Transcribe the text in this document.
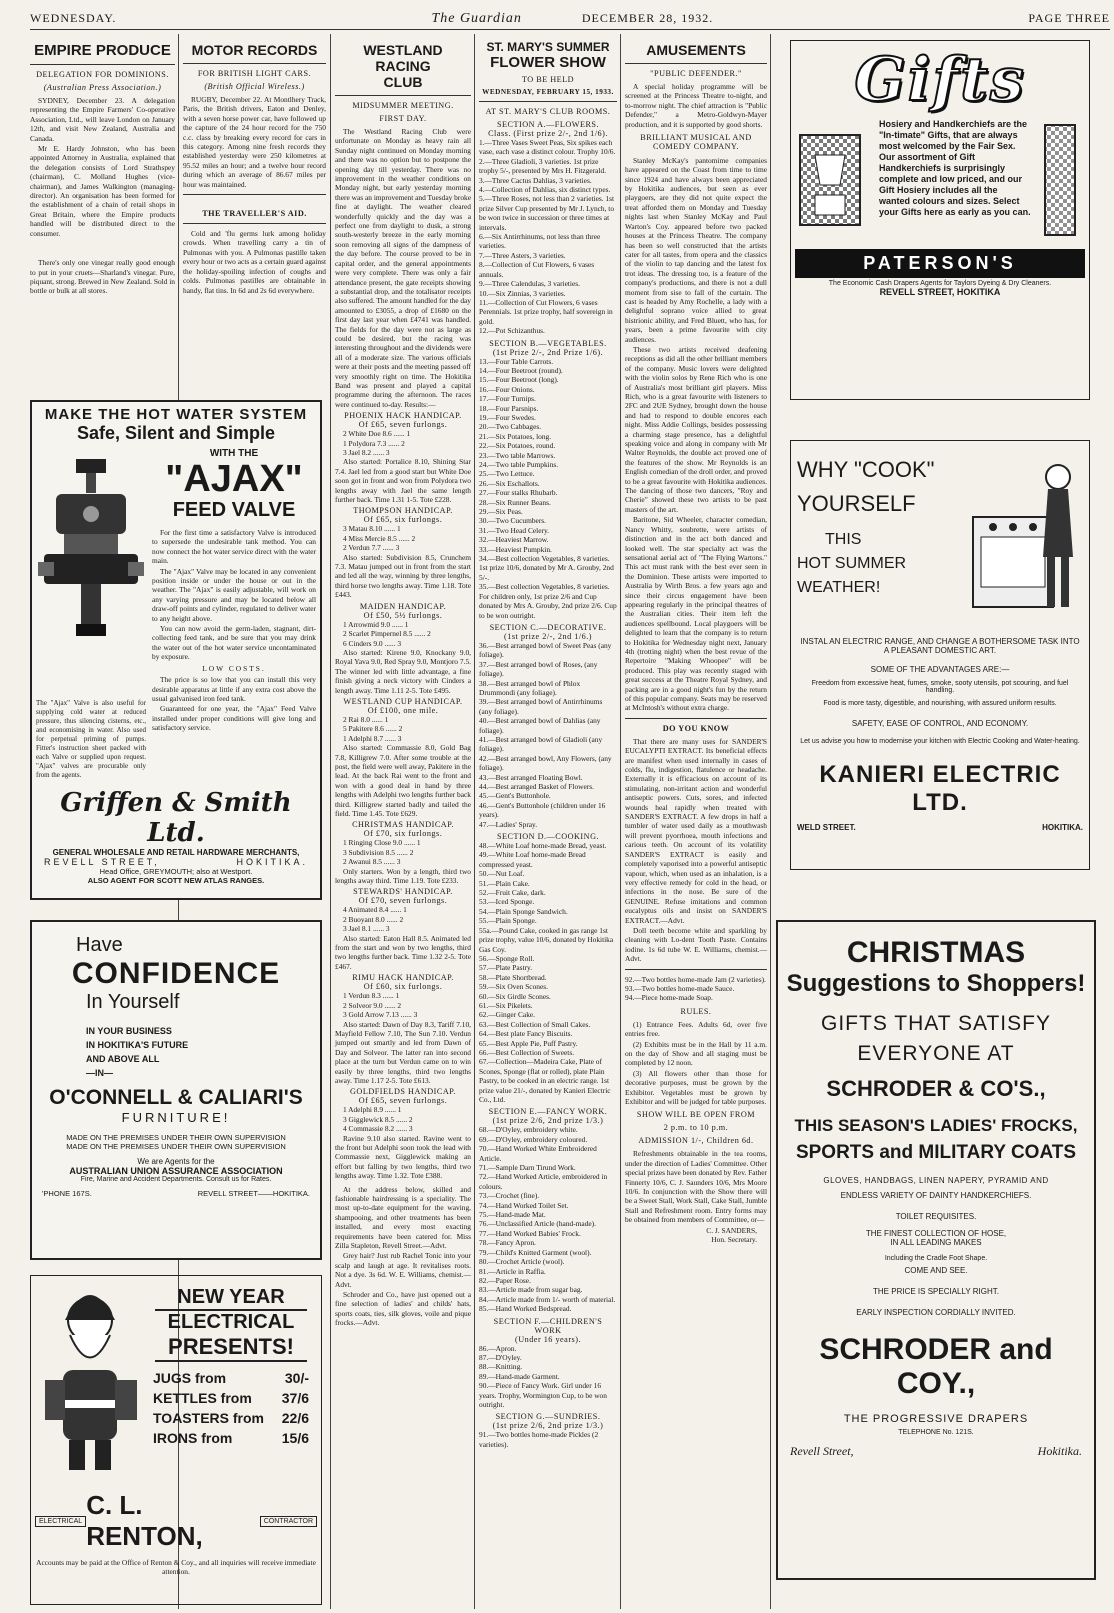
WEDNESDAY.	The Guardian	DECEMBER 28, 1932.	PAGE THREE
EMPIRE PRODUCE
DELEGATION FOR DOMINIONS.
(Australian Press Association.)

SYDNEY, December 23. A delegation representing the Empire Farmers' Co-operative Association, Ltd., will leave London on January 12th, and visit New Zealand, Australia and Canada.

Mr E. Hardy Johnston, who has been appointed Attorney in Australia, explained that the delegation consists of Lord Strathspey (chairman), C. Molland Hughes (vice-chairman), and James Walkington (managing-director). An organisation has been formed for the establishment of a chain of retail shops in Great Britain, where the Empire products handled will be distributed direct to the consumer.

There's only one vinegar really good enough to put in your cruets—Sharland's vinegar. Pure, piquant, strong. Brewed in New Zealand. Sold in bottle or bulk at all stores.

MAKE THE HOT WATER SYSTEM
Safe, Silent and Simple
The "Ajax" Valve is also useful for supplying cold water at reduced pressure, thus silencing cisterns, etc., and economising in water. Also used for perpetual priming of pumps. Fitter's instruction sheet packed with each Valve or supplied upon request. "Ajax" valves are procurable only from the agents.
WITH THE
"AJAX"
FEED VALVE

For the first time a satisfactory Valve is introduced to supersede the undesirable tank method. You can now connect the hot water service direct with the water main.

The "Ajax" Valve may be located in any convenient position inside or under the house or out in the weather. The "Ajax" is easily adjustable, will work on any varying pressure and may be located below all draw-off points and cylinder, regulated to deliver water to any height above.

You can now avoid the germ-laden, stagnant, dirt-collecting feed tank, and be sure that you may drink the water out of the hot water service uncontaminated by exposure.

LOW COSTS.

The price is so low that you can install this very desirable apparatus at little if any extra cost above the usual galvanised iron feed tank.

Guaranteed for one year, the "Ajax" Feed Valve installed under proper conditions will give long and satisfactory service.

Griffen & Smith Ltd.
GENERAL WHOLESALE AND RETAIL HARDWARE MERCHANTS,
REVELL STREET,	HOKITIKA.
Head Office, GREYMOUTH; also at Westport.
ALSO AGENT FOR SCOTT NEW ATLAS RANGES.
Have
CONFIDENCE
In Yourself
IN YOUR BUSINESS
IN HOKITIKA'S FUTURE
AND ABOVE ALL
—IN—
O'CONNELL & CALIARI'S
FURNITURE!
MADE ON THE PREMISES UNDER THEIR OWN SUPERVISION
MADE ON THE PREMISES UNDER THEIR OWN SUPERVISION
We are Agents for the
AUSTRALIAN UNION ASSURANCE ASSOCIATION
Fire, Marine and Accident Departments. Consult us for Rates.
'PHONE 167S.	REVELL STREET——HOKITIKA.
NEW YEAR
ELECTRICAL
PRESENTS!
JUGS from	30/-
KETTLES from 37/6
TOASTERS from 22/6
IRONS from	15/6
ELECTRICAL
C. L. RENTON,	CONTRACTOR
Accounts may be paid at the Office of Renton & Coy., and all inquiries will receive immediate attention.
MOTOR RECORDS
FOR BRITISH LIGHT CARS.
(British Official Wireless.)

RUGBY, December 22. At Montlhery Track, Paris, the British drivers, Eaton and Denley, with a seven horse power car, have followed up the capture of the 24 hour record for the 750 c.c. class by breaking every record for cars in this category. Among nine fresh records they established yesterday were 250 kilometres at 95.52 miles an hour; and a twelve hour record during which an average of 86.67 miles per hour was maintained.

THE TRAVELLER'S AID.

Cold and 'flu germs lurk among holiday crowds. When travelling carry a tin of Pulmonas with you. A Pulmonas pastille taken every hour or two acts as a certain guard against the holiday-spoiling infection of coughs and colds. Pulmonas pastilles are obtainable in handy, flat tins. In 6d and 2s 6d everywhere.

WESTLAND RACING
CLUB
MIDSUMMER MEETING.
FIRST DAY.

The Westland Racing Club were unfortunate on Monday as heavy rain all Sunday night continued on Monday morning and there was no option but to postpone the opening day till yesterday. There was no improvement in the weather conditions on Monday night, but early yesterday morning there was an improvement and Tuesday broke fine at daylight. The weather cleared wonderfully quickly and the day was a perfect one from daylight to dusk, a strong south-westerly breeze in the early morning soon removing all signs of the dampness of the day before. The course proved to be in capital order, and the general appointments were very complete. There was only a fair attendance present, the gate receipts showing a substantial drop, and the totalisator receipts also suffered. The amount handled for the day amounted to £3055, a drop of £1680 on the first day last year when £4741 was handled. The fields for the day were not as large as could be desired, but the racing was interesting throughout and the dividends were all of a moderate size. The various officials were at their posts and the meeting passed off very smoothly right on time. The Hokitika Band was present and played a capital programme during the afternoon. The races were continued to-day. Results:—

PHOENIX HACK HANDICAP.
Of £65, seven furlongs.
2 White Doe 8.6 ...... 1
1 Polydora 7.3 ...... 2
3 Jael 8.2 ...... 3

Also started: Portalice 8.10, Shining Star 7.4. Jael led from a good start but White Doe soon got in front and won from Polydora two lengths away with Jael the same length further back. Time 1.31 1-5. Tote £228.

THOMPSON HANDICAP.
Of £65, six furlongs.
3 Matau 8.10 ...... 1
4 Miss Mercie 8.5 ...... 2
2 Verdun 7.7 ...... 3

Also started: Subdivision 8.5, Crunchem 7.3. Matau jumped out in front from the start and led all the way, winning by three lengths, third horse two lengths away. Time 1.18. Tote £443.

MAIDEN HANDICAP.
Of £50, 5½ furlongs.
1 Arrowmid 9.0 ...... 1
2 Scarlet Pimpernel 8.5 ...... 2
6 Cinders 9.0 ...... 3

Also started: Kirene 9.0, Knockany 9.0, Royal Yava 9.0, Red Spray 9.0, Montjoro 7.5. The winner led with little advantage, a fine finish giving a neck victory with Cinders a length away. Time 1.11 2-5. Tote £495.

WESTLAND CUP HANDICAP.
Of £100, one mile.
2 Rai 8.0 ...... 1
5 Pakitere 8.6 ...... 2
1 Adelphi 8.7 ...... 3

Also started: Commassie 8.0, Gold Bag 7.8, Killigrew 7.0. After some trouble at the post, the field were well away, Pakitere in the lead. At the back Rai went to the front and won with a good deal in hand by three lengths with Adelphi two lengths further back third. Killigrew started badly and tailed the field. Time 1.45. Tote £629.

CHRISTMAS HANDICAP.
Of £70, six furlongs.
1 Ringing Close 9.0 ...... 1
3 Subdivision 8.5 ...... 2
2 Awanui 8.5 ...... 3

Only starters. Won by a length, third two lengths away third. Time 1.19. Tote £233.

STEWARDS' HANDICAP.
Of £70, seven furlongs.
4 Animated 8.4 ...... 1
2 Buoyant 8.0 ...... 2
3 Jael 8.1 ...... 3

Also started: Eaton Hall 8.5. Animated led from the start and won by two lengths, third two lengths further back. Time 1.32 2-5. Tote £467.

RIMU HACK HANDICAP.
Of £60, six furlongs.
1 Verdun 8.3 ...... 1
2 Solveor 9.0 ...... 2
3 Gold Arrow 7.13 ...... 3

Also started: Dawn of Day 8.3, Tariff 7.10, Mayfield Fellow 7.10, The Sun 7.10. Verdun jumped out smartly and led from Dawn of Day and Solveor. The latter ran into second place at the turn but Verdun came on to win easily by three lengths, third two lengths away. Time 1.17 2-5. Tote £613.

GOLDFIELDS HANDICAP.
Of £65, seven furlongs.
1 Adelphi 8.9 ...... 1
3 Gigglewick 8.5 ...... 2
4 Commassie 8.2 ...... 3

Ravine 9.10 also started. Ravine went to the front but Adelphi soon took the lead with Commassie next, Gigglewick making an effort but falling by two lengths, third two lengths away. Time 1.32. Tote £388.

At the address below, skilled and fashionable hairdressing is a speciality. The most up-to-date equipment for the waving, shampooing, and other treatments has been installed, and every most exacting requirements have been catered for. Miss Zilla Stapleton, Revell Street.—Advt.

Grey hair? Just rub Rachel Tonic into your scalp and laugh at age. It revitalises roots. Not a dye. 3s 6d. W. E. Williams, chemist.—Advt.

Schroder and Co., have just opened out a fine selection of ladies' and childs' hats, sports coats, ties, silk gloves, voile and pique frocks.—Advt.

ST. MARY'S SUMMER
FLOWER SHOW
TO BE HELD
WEDNESDAY, FEBRUARY 15, 1933.
AT ST. MARY'S CLUB ROOMS.
SECTION A.—FLOWERS.
Class. (First prize 2/-, 2nd 1/6).
1.—Three Vases Sweet Peas, Six spikes each vase, each vase a distinct colour. Trophy 10/6.
2.—Three Gladioli, 3 varieties. 1st prize trophy 5/-, presented by Mrs H. Fitzgerald.
3.—Three Cactus Dahlias, 3 varieties.
4.—Collection of Dahlias, six distinct types.
5.—Three Roses, not less than 2 varieties. 1st prize Silver Cup presented by Mr J. Lynch, to be won twice in succession or three times at intervals.
6.—Six Antirrhinums, not less than three varieties.
7.—Three Asters, 3 varieties.
8.—Collection of Cut Flowers, 6 vases annuals.
9.—Three Calendulas, 3 varieties.
10.—Six Zinnias, 3 varieties.
11.—Collection of Cut Flowers, 6 vases Perennials. 1st prize trophy, half sovereign in gold.
12.—Pot Schizanthus.
SECTION B.—VEGETABLES.
(1st Prize 2/-, 2nd Prize 1/6).
13.—Four Table Carrots.
14.—Four Beetroot (round).
15.—Four Beetroot (long).
16.—Four Onions.
17.—Four Turnips.
18.—Four Parsnips.
19.—Four Swedes.
20.—Two Cabbages.
21.—Six Potatoes, long.
22.—Six Potatoes, round.
23.—Two table Marrows.
24.—Two table Pumpkins.
25.—Two Lettuce.
26.—Six Eschallots.
27.—Four stalks Rhubarb.
28.—Six Runner Beans.
29.—Six Peas.
30.—Two Cucumbers.
31.—Two Head Celery.
32.—Heaviest Marrow.
33.—Heaviest Pumpkin.
34.—Best collection Vegetables, 8 varieties. 1st prize 10/6, donated by Mr A. Grouby, 2nd 5/-.
35.—Best collection Vegetables, 8 varieties. For children only, 1st prize 2/6 and Cup donated by Mrs A. Grouby, 2nd prize 2/6. Cup to be won outright.
SECTION C.—DECORATIVE.
(1st prize 2/-, 2nd 1/6.)
36.—Best arranged bowl of Sweet Peas (any foliage).
37.—Best arranged bowl of Roses, (any foliage).
38.—Best arranged bowl of Phlox Drummondi (any foliage).
39.—Best arranged bowl of Antirrhinums (any foliage).
40.—Best arranged bowl of Dahlias (any foliage).
41.—Best arranged bowl of Gladioli (any foliage).
42.—Best arranged bowl, Any Flowers, (any foliage).
43.—Best arranged Floating Bowl.
44.—Best arranged Basket of Flowers.
45.—Gent's Buttonhole.
46.—Gent's Buttonhole (children under 16 years).
47.—Ladies' Spray.
SECTION D.—COOKING.
48.—White Loaf home-made Bread, yeast.
49.—White Loaf home-made Bread compressed yeast.
50.—Nut Loaf.
51.—Plain Cake.
52.—Fruit Cake, dark.
53.—Iced Sponge.
54.—Plain Sponge Sandwich.
55.—Plain Sponge.
55a.—Pound Cake, cooked in gas range 1st prize trophy, value 10/6, donated by Hokitika Gas Coy.
56.—Sponge Roll.
57.—Plate Pastry.
58.—Plate Shortbread.
59.—Six Oven Scones.
60.—Six Girdle Scones.
61.—Six Pikelets.
62.—Ginger Cake.
63.—Best Collection of Small Cakes.
64.—Best plate Fancy Biscuits.
65.—Best Apple Pie, Puff Pastry.
66.—Best Collection of Sweets.
67.—Collection—Madeira Cake, Plate of Scones, Sponge (flat or rolled), plate Plain Pastry, to be cooked in an electric range. 1st prize value 21/-, donated by Kanieri Electric Co., Ltd.
SECTION E.—FANCY WORK.
(1st prize 2/6, 2nd prize 1/3.)
68.—D'Oyley, embroidery white.
69.—D'Oyley, embroidery coloured.
70.—Hand Worked White Embroidered Article.
71.—Sample Darn Tirund Work.
72.—Hand Worked Article, embroidered in colours.
73.—Crochet (fine).
74.—Hand Worked Toilet Set.
75.—Hand-made Mat.
76.—Unclassified Article (hand-made).
77.—Hand Worked Babies' Frock.
78.—Fancy Apron.
79.—Child's Knitted Garment (wool).
80.—Crochet Article (wool).
81.—Article in Raffia.
82.—Paper Rose.
83.—Article made from sugar bag.
84.—Article made from 1/- worth of material.
85.—Hand Worked Bedspread.
SECTION F.—CHILDREN'S WORK
(Under 16 years).
86.—Apron.
87.—D'Oyley.
88.—Knitting.
89.—Hand-made Garment.
90.—Piece of Fancy Work. Girl under 16 years. Trophy, Wormington Cup, to be won outright.
SECTION G.—SUNDRIES.
(1st prize 2/6, 2nd prize 1/3.)
91.—Two bottles home-made Pickles (2 varieties).
AMUSEMENTS
"PUBLIC DEFENDER."

A special holiday programme will be screened at the Princess Theatre to-night, and to-morrow night. The chief attraction is "Public Defender," a Metro-Goldwyn-Mayer production, and it is supported by good shorts.

BRILLIANT MUSICAL AND COMEDY COMPANY.

Stanley McKay's pantomime companies have appeared on the Coast from time to time since 1924 and have always been appreciated by Hokitika audiences, but seen as ever playgoers, are they did not quite expect the treat afforded them on Monday and Tuesday nights last when Stanley McKay and Paul Warton's Coy. appeared before two packed houses at the Princess Theatre. The company has been so well constructed that the artists cater for all tastes, from opera and the classics of the violin to tap dancing and the latest fox trot ideas. The dressing too, is a feature of the company's productions, and there is not a dull moment from sise to fall of the curtain. The cast is headed by Amy Rochelle, a lady with a delightful soprano voice allied to great histrionic ability, and Fred Bluett, who has, for years, been a prime favourite with city audiences.

These two artists received deafening receptions as did all the other brilliant members of the company. Music lovers were delighted with the violin solos by Rene Rich who is one of Australia's most brilliant girl players. Miss Rich, who is a great favourite with listeners to 2FC and 2UE Sydney, brought down the house and had to respond to double encores each night. Miss Addie Collings, besides possessing a charming stage presence, has a delightful speaking voice and along in company with Mr Walter Reynolds, the double act proved one of the features of the show. Mr Reynolds is an English comedian of the droll order, and proved to be a great favourite with Hokitika audiences. The dancing of those two dancers, "Roy and Cherie" showed these two artists to be past masters of the art.

Baritone, Sid Wheeler, character comedian, Nancy Whitty, soubrette, were artists of distinction and in the act both danced and looked well. The star specialty act was the sensational aerial act of "The Flying Wartons." This act must rank with the best ever seen in the Dominion. These artists were imported to Australia by Wirth Bros. a few years ago and since their circus engagement have been appearing regularly in the principal theatres of the Australian cities. Their item left the audiences spellbound. Local playgoers will be delighted to learn that the company is to return to Hokitika for Wednesday night next, January 4th (trotting night) when the best revue of the Repertoire "Making Whoopee" will be produced. This play was recently staged with great success at the Theatre Royal Sydney, and packing are in a good night's fun by the return of this popular company. Seats may be reserved at McIntosh's without extra charge.

DO YOU KNOW

That there are many uses for SANDER'S EUCALYPTI EXTRACT. Its beneficial effects are manifest when used internally in cases of colds, flu, indigestion, flatulence or headache. Externally it is efficacious on account of its stimulating, non-irritant action and wonderful antiseptic powers. Cuts, sores, and infected wounds heal rapidly when treated with SANDER'S EXTRACT. A few drops in half a tumbler of water used daily as a mouthwash will prevent pyorrhoea, mouth infections and carious teeth. On account of its volatility SANDER'S EXTRACT is easily and completely vaporised into a powerful antiseptic vapour, which, when used as an inhalation, is a very effective remedy for cold in the head, or infections in the nose. Be sure of the GENUINE. Refuse imitations and common eucalyptus oils and insist on SANDER'S EXTRACT.—Advt.

Doll teeth become white and sparkling by cleaning with Lo-dent Tooth Paste. Contains iodine. 1s 6d tube W. E. Williams, chemist.—Advt.

92.—Two bottles home-made Jam (2 varieties).
93.—Two bottles home-made Sauce.
94.—Piece home-made Soap.
RULES.

(1) Entrance Fees. Adults 6d, over five entries free.

(2) Exhibits must be in the Hall by 11 a.m. on the day of Show and all staging must be completed by 12 noon.

(3) All flowers other than those for decorative purposes, must be grown by the Exhibitor. Vegetables must be grown by Exhibitor and will be judged for table purposes.

SHOW WILL BE OPEN FROM
2 p.m. to 10 p.m.
ADMISSION 1/-, Children 6d.

Refreshments obtainable in the tea rooms, under the direction of Ladies' Committee. Other special prizes have been donated by Rev. Father Finnerty 10/6, C. J. Saunders 10/6, Mrs Moore 10/6. In conjunction with the Show there will be a Sweet Stall, Work Stall, Cake Stall, Jumble Stall and Refreshment room. Entry forms may be obtained from members of Committee, or—

C. J. SANDERS,
Hon. Secretary.
Gifts
Hosiery and Handkerchiefs are the "In-timate" Gifts, that are always most welcomed by the Fair Sex. Our assortment of Gift Handkerchiefs is surprisingly complete and low priced, and our Gift Hosiery includes all the wanted colours and sizes. Select your Gifts here as early as you can.
PATERSON'S
The Economic Cash Drapers Agents for Taylors Dyeing & Dry Cleaners.
REVELL STREET, HOKITIKA
WHY "COOK"
YOURSELF
THIS
HOT SUMMER
WEATHER!
INSTAL AN ELECTRIC RANGE, AND CHANGE A BOTHERSOME TASK INTO A PLEASANT DOMESTIC ART.
SOME OF THE ADVANTAGES ARE:—
Freedom from excessive heat, fumes, smoke, sooty utensils, pot scouring, and fuel handling.
Food is more tasty, digestible, and nourishing, with assured uniform results.
SAFETY, EASE OF CONTROL, AND ECONOMY.
Let us advise you how to modernise your kitchen with Electric Cooking and Water-heating.
KANIERI ELECTRIC LTD.
WELD STREET.	HOKITIKA.
CHRISTMAS
Suggestions to Shoppers!
GIFTS THAT SATISFY
EVERYONE AT
SCHRODER & CO'S.,
THIS SEASON'S LADIES' FROCKS,
SPORTS and MILITARY COATS
GLOVES, HANDBAGS, LINEN NAPERY, PYRAMID AND
ENDLESS VARIETY OF DAINTY HANDKERCHIEFS.
TOILET REQUISITES.
THE FINEST COLLECTION OF HOSE,
IN ALL LEADING MAKES
Including the Cradle Foot Shape.
COME AND SEE.
THE PRICE IS SPECIALLY RIGHT.
EARLY INSPECTION CORDIALLY INVITED.
SCHRODER and COY.,
THE PROGRESSIVE DRAPERS
TELEPHONE No. 121S.
Revell Street,	Hokitika.
